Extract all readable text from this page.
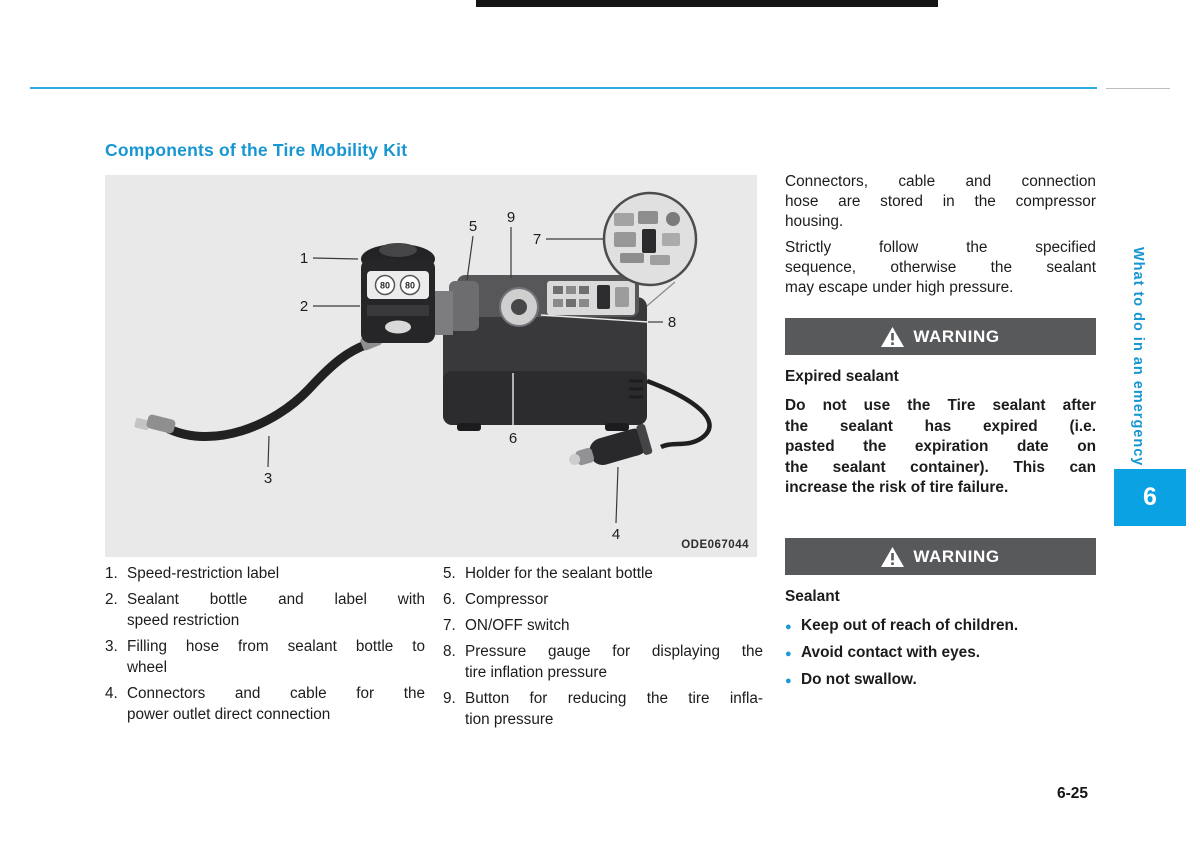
Components of the Tire Mobility Kit
80 80
1
2
3
4
5
6
7
8
9
ODE067044
1. Speed-restriction label
2. Sealant bottle and label with
speed restriction
3. Filling hose from sealant bottle to
wheel
4. Connectors and cable for the
power outlet direct connection
5. Holder for the sealant bottle
6. Compressor
7. ON/OFF switch
8. Pressure gauge for displaying the
tire inflation pressure
9. Button for reducing the tire infla-
tion pressure
Connectors, cable and connection
hose are stored in the compressor
housing.
Strictly follow the specified
sequence, otherwise the sealant
may escape under high pressure.
WARNING
Expired sealant
Do not use the Tire sealant after
the sealant has expired (i.e.
pasted the expiration date on
the sealant container). This can
increase the risk of tire failure.
WARNING
Sealant
● Keep out of reach of children.
● Avoid contact with eyes.
● Do not swallow.
What to do in an emergency
6
6-25
